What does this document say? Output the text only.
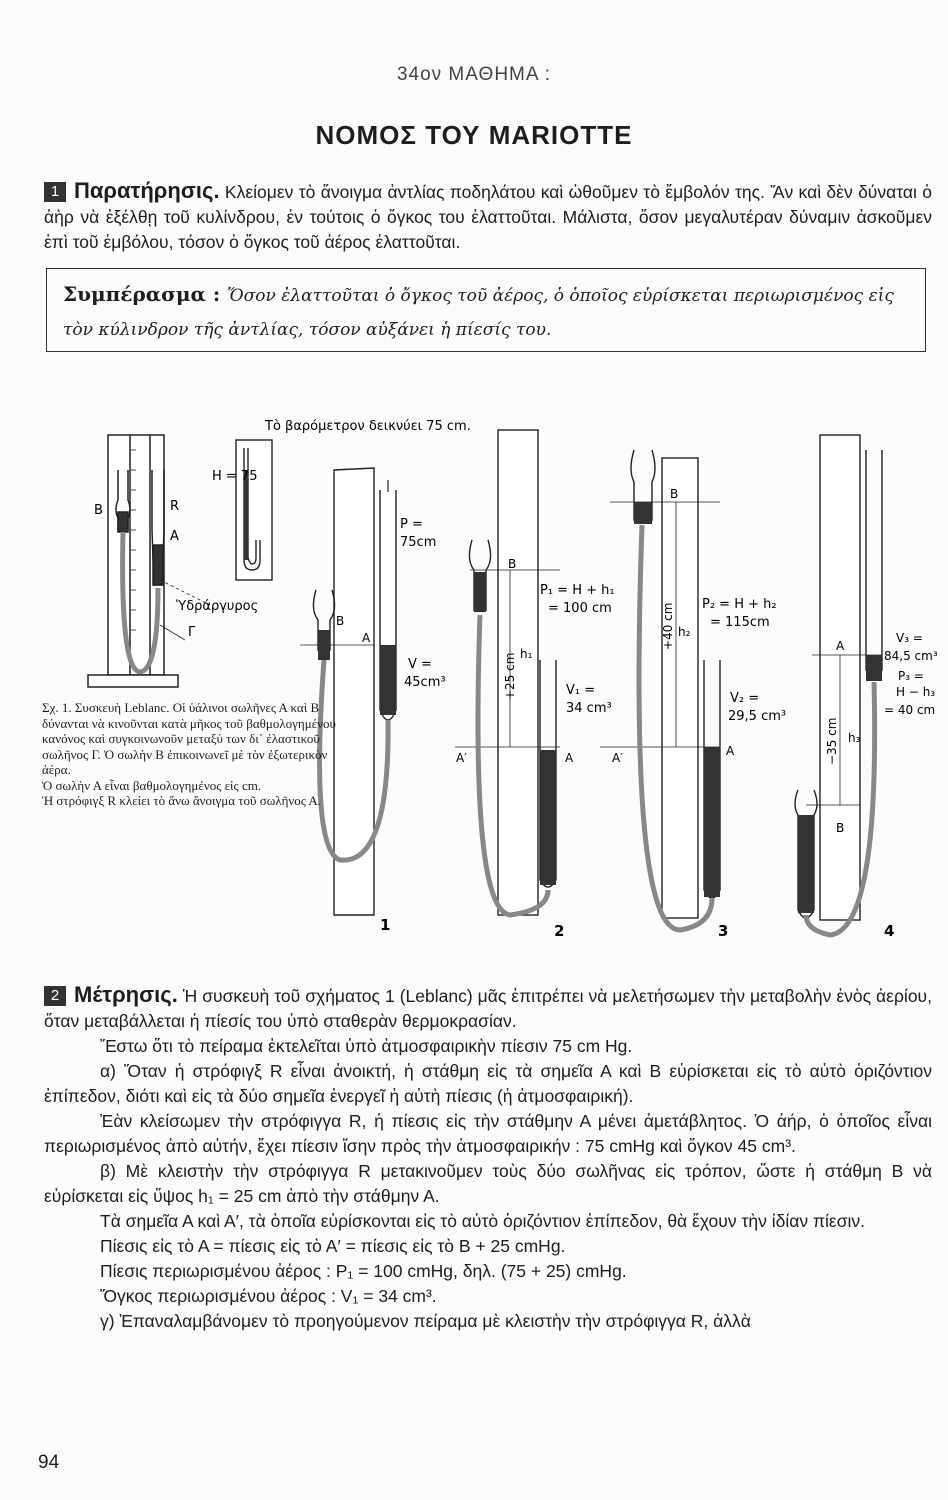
34ον ΜΑΘΗΜΑ :
ΝΟΜΟΣ ΤΟΥ MARIOTTE
1 Παρατήρησις. Κλείομεν τὸ ἄνοιγμα ἀντλίας ποδηλάτου καὶ ὠθοῦμεν τὸ ἔμβολόν της. Ἄν καὶ δὲν δύναται ὁ ἀὴρ νὰ ἐξέλθῃ τοῦ κυλίνδρου, ἐν τούτοις ὁ ὄγκος του ἐλαττοῦται. Μάλιστα, ὅσον μεγαλυτέραν δύναμιν ἀσκοῦμεν ἐπὶ τοῦ ἐμβόλου, τόσον ὁ ὄγκος τοῦ ἀέρος ἐλαττοῦται.
Συμπέρασμα : Ὅσον ἐλαττοῦται ὁ ὄγκος τοῦ ἀέρος, ὁ ὁποῖος εὑρίσκεται περιωρισμένος εἰς τὸν κύλινδρον τῆς ἀντλίας, τόσον αὐξάνει ἡ πίεσίς του.
Τὸ βαρόμετρον δεικνύει 75 cm.
B	R
A
Ὑδράργυρος
Γ
H = 75
B
A
P =
75cm
V =
45cm³
1
B
A′	A
P₁ = H + h₁
= 100 cm
V₁ =
34 cm³
h₁
+25 cm
2
B
A′	A
P₂ = H + h₂
= 115cm
V₂ =
29,5 cm³
h₂
+40 cm
3
A
B
V₃ =
84,5 cm³
P₃ =
H − h₃
= 40 cm
h₃
−35 cm
4
Σχ. 1. Συσκευὴ Leblanc. Οἱ ὑάλινοι σωλῆνες Α καὶ Β δύνανται νὰ κινοῦνται κατὰ μῆκος τοῦ βαθμολογημένου κανόνος καὶ συγκοινωνοῦν μεταξύ των δι᾽ ἐλαστικοῦ σωλῆνος Γ. Ὁ σωλὴν Β ἐπικοινωνεῖ μὲ τὸν ἐξωτερικὸν ἀέρα.
Ὁ σωλὴν Α εἶναι βαθμολογημένος εἰς cm.
Ἡ στρόφιγξ R κλείει τὸ ἄνω ἄνοιγμα τοῦ σωλῆνος Α.
2 Μέτρησις. Ἡ συσκευὴ τοῦ σχήματος 1 (Leblanc) μᾶς ἐπιτρέπει νὰ μελετήσωμεν τὴν μεταβολὴν ἑνὸς ἀερίου, ὅταν μεταβάλλεται ἡ πίεσίς του ὑπὸ σταθερὰν θερμοκρασίαν.
Ἔστω ὅτι τὸ πείραμα ἐκτελεῖται ὑπὸ ἀτμοσφαιρικὴν πίεσιν 75 cm Hg.
α) Ὅταν ἡ στρόφιγξ R εἶναι ἀνοικτή, ἡ στάθμη εἰς τὰ σημεῖα Α καὶ Β εὑρίσκεται εἰς τὸ αὐτὸ ὁριζόντιον ἐπίπεδον, διότι καὶ εἰς τὰ δύο σημεῖα ἐνεργεῖ ἡ αὐτὴ πίεσις (ἡ ἀτμοσφαιρική).
Ἐὰν κλείσωμεν τὴν στρόφιγγα R, ἡ πίεσις εἰς τὴν στάθμην Α μένει ἀμετάβλητος. Ὁ ἀήρ, ὁ ὁποῖος εἶναι περιωρισμένος ἀπὸ αὐτήν, ἔχει πίεσιν ἴσην πρὸς τὴν ἀτμοσφαιρικήν : 75 cmHg καὶ ὄγκον 45 cm³.
β) Μὲ κλειστὴν τὴν στρόφιγγα R μετακινοῦμεν τοὺς δύο σωλῆνας εἰς τρόπον, ὥστε ἡ στάθμη Β νὰ εὑρίσκεται εἰς ὕψος h₁ = 25 cm ἀπὸ τὴν στάθμην Α.
Τὰ σημεῖα Α καὶ Α′, τὰ ὁποῖα εὑρίσκονται εἰς τὸ αὐτὸ ὁριζόντιον ἐπίπεδον, θὰ ἔχουν τὴν ἰδίαν πίεσιν.
Πίεσις εἰς τὸ Α = πίεσις εἰς τὸ Α′ = πίεσις εἰς τὸ Β + 25 cmHg.
Πίεσις περιωρισμένου ἀέρος : P₁ = 100 cmHg, δηλ. (75 + 25) cmHg.
Ὄγκος περιωρισμένου ἀέρος : V₁ = 34 cm³.
γ) Ἐπαναλαμβάνομεν τὸ προηγούμενον πείραμα μὲ κλειστὴν τὴν στρόφιγγα R, ἀλλὰ
94
